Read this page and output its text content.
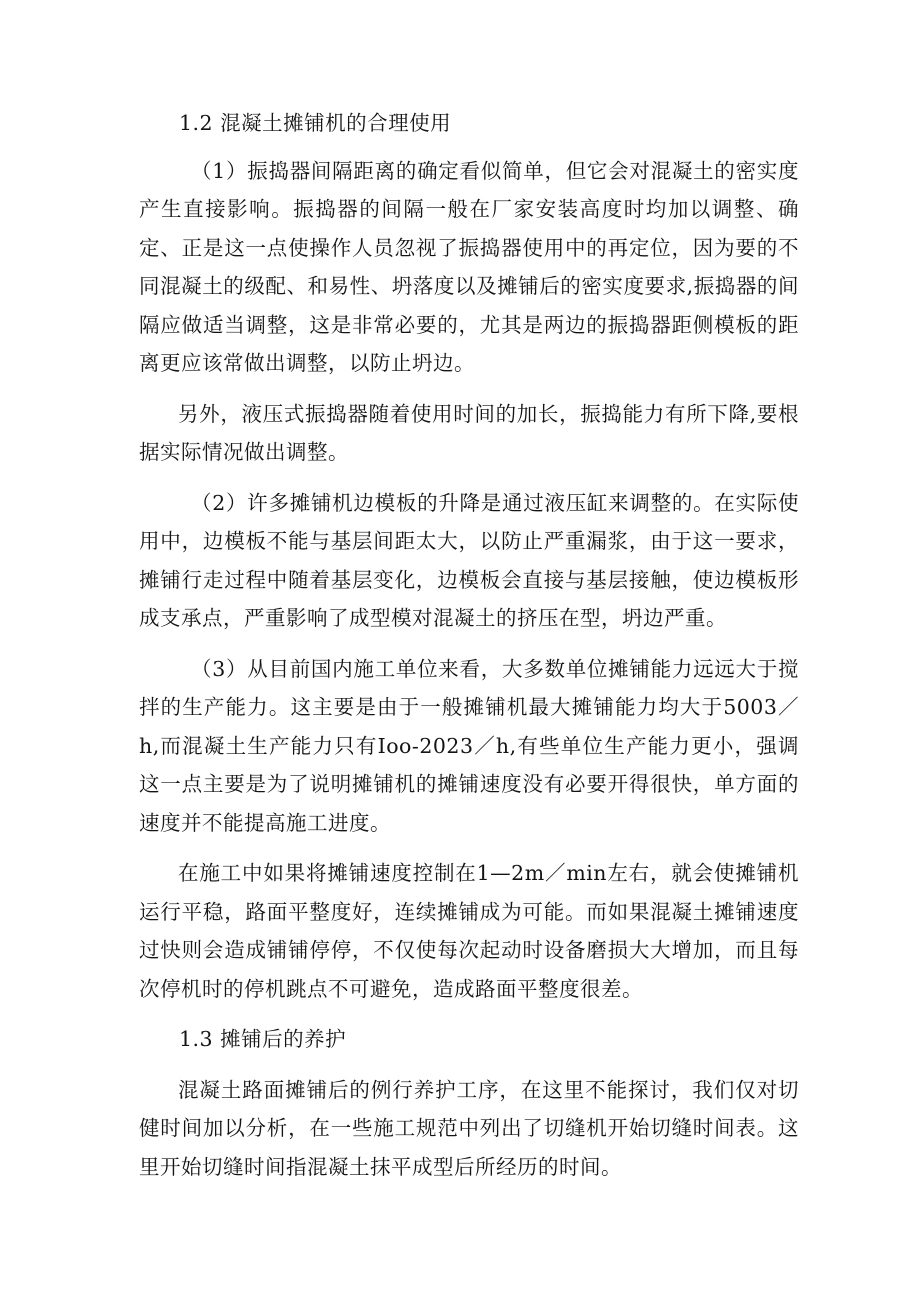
1.2 混凝土摊铺机的合理使用

（1）振捣器间隔距离的确定看似简单，但它会对混凝土的密实度产生直接影响。振捣器的间隔一般在厂家安装高度时均加以调整、确定、正是这一点使操作人员忽视了振捣器使用中的再定位，因为要的不同混凝土的级配、和易性、坍落度以及摊铺后的密实度要求,振捣器的间隔应做适当调整，这是非常必要的，尤其是两边的振捣器距侧模板的距离更应该常做出调整，以防止坍边。

另外，液压式振捣器随着使用时间的加长，振捣能力有所下降,要根据实际情况做出调整。

（2）许多摊铺机边模板的升降是通过液压缸来调整的。在实际使用中，边模板不能与基层间距太大，以防止严重漏浆，由于这一要求，摊铺行走过程中随着基层变化，边模板会直接与基层接触，使边模板形成支承点，严重影响了成型模对混凝土的挤压在型，坍边严重。

（3）从目前国内施工单位来看，大多数单位摊铺能力远远大于搅拌的生产能力。这主要是由于一般摊铺机最大摊铺能力均大于5003／h,而混凝土生产能力只有Ioo-2023／h,有些单位生产能力更小，强调这一点主要是为了说明摊铺机的摊铺速度没有必要开得很快，单方面的速度并不能提高施工进度。

在施工中如果将摊铺速度控制在1—2m／min左右，就会使摊铺机运行平稳，路面平整度好，连续摊铺成为可能。而如果混凝土摊铺速度过快则会造成铺铺停停，不仅使每次起动时设备磨损大大增加，而且每次停机时的停机跳点不可避免，造成路面平整度很差。

1.3 摊铺后的养护

混凝土路面摊铺后的例行养护工序，在这里不能探讨，我们仅对切健时间加以分析，在一些施工规范中列出了切缝机开始切缝时间表。这里开始切缝时间指混凝土抹平成型后所经历的时间。
